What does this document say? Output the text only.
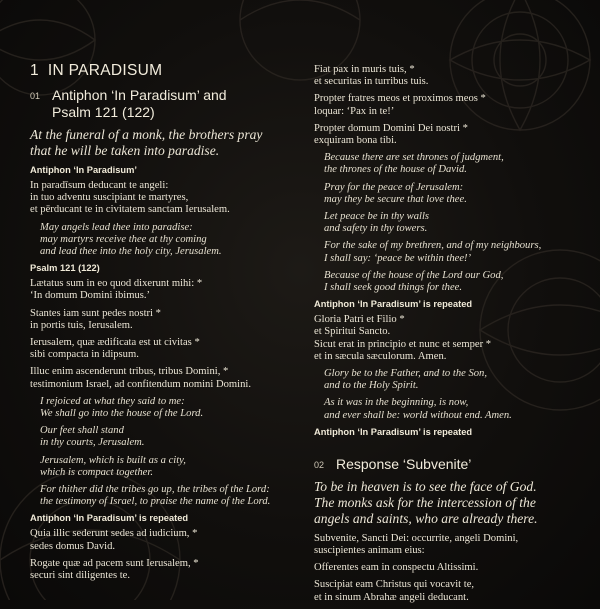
1 IN PARADISUM
01 Antiphon ‘In Paradisum’ and
Psalm 121 (122)
At the funeral of a monk, the brothers pray
that he will be taken into paradise.
Antiphon ‘In Paradisum’
In paradīsum deducant te angeli:
in tuo adventu suscipiant te martyres,
et pērducant te in civitatem sanctam Ierusalem.
May angels lead thee into paradise:
may martyrs receive thee at thy coming
and lead thee into the holy city, Jerusalem.
Psalm 121 (122)
Lætatus sum in eo quod dixerunt mihi: *
‘In domum Domini ibimus.’
Stantes iam sunt pedes nostri *
in portis tuis, Ierusalem.
Ierusalem, quæ ædificata est ut civitas *
sibi compacta in idipsum.
Illuc enim ascenderunt tribus, tribus Domini, *
testimonium Israel, ad confitendum nomini Domini.
I rejoiced at what they said to me:
We shall go into the house of the Lord.
Our feet shall stand
in thy courts, Jerusalem.
Jerusalem, which is built as a city,
which is compact together.
For thither did the tribes go up, the tribes of the Lord:
the testimony of Israel, to praise the name of the Lord.
Antiphon ‘In Paradisum’ is repeated
Quia illic sederunt sedes ad iudicium, *
sedes domus David.
Rogate quæ ad pacem sunt Ierusalem, *
securi sint diligentes te.
Fiat pax in muris tuis, *
et securitas in turribus tuis.
Propter fratres meos et proximos meos *
loquar: ‘Pax in te!’
Propter domum Domini Dei nostri *
exquiram bona tibi.
Because there are set thrones of judgment,
the thrones of the house of David.
Pray for the peace of Jerusalem:
may they be secure that love thee.
Let peace be in thy walls
and safety in thy towers.
For the sake of my brethren, and of my neighbours,
I shall say: ‘peace be within thee!’
Because of the house of the Lord our God,
I shall seek good things for thee.
Antiphon ‘In Paradisum’ is repeated
Gloria Patri et Filio *
et Spiritui Sancto.
Sicut erat in principio et nunc et semper *
et in sæcula sæculorum. Amen.
Glory be to the Father, and to the Son,
and to the Holy Spirit.
As it was in the beginning, is now,
and ever shall be: world without end. Amen.
Antiphon ‘In Paradisum’ is repeated
02 Response ‘Subvenite’
To be in heaven is to see the face of God.
The monks ask for the intercession of the
angels and saints, who are already there.
Subvenite, Sancti Dei: occurrite, angeli Domini,
suscipientes animam eius:
Offerentes eam in conspectu Altissimi.
Suscipiat eam Christus qui vocavit te,
et in sinum Abrahæ angeli deducant.
